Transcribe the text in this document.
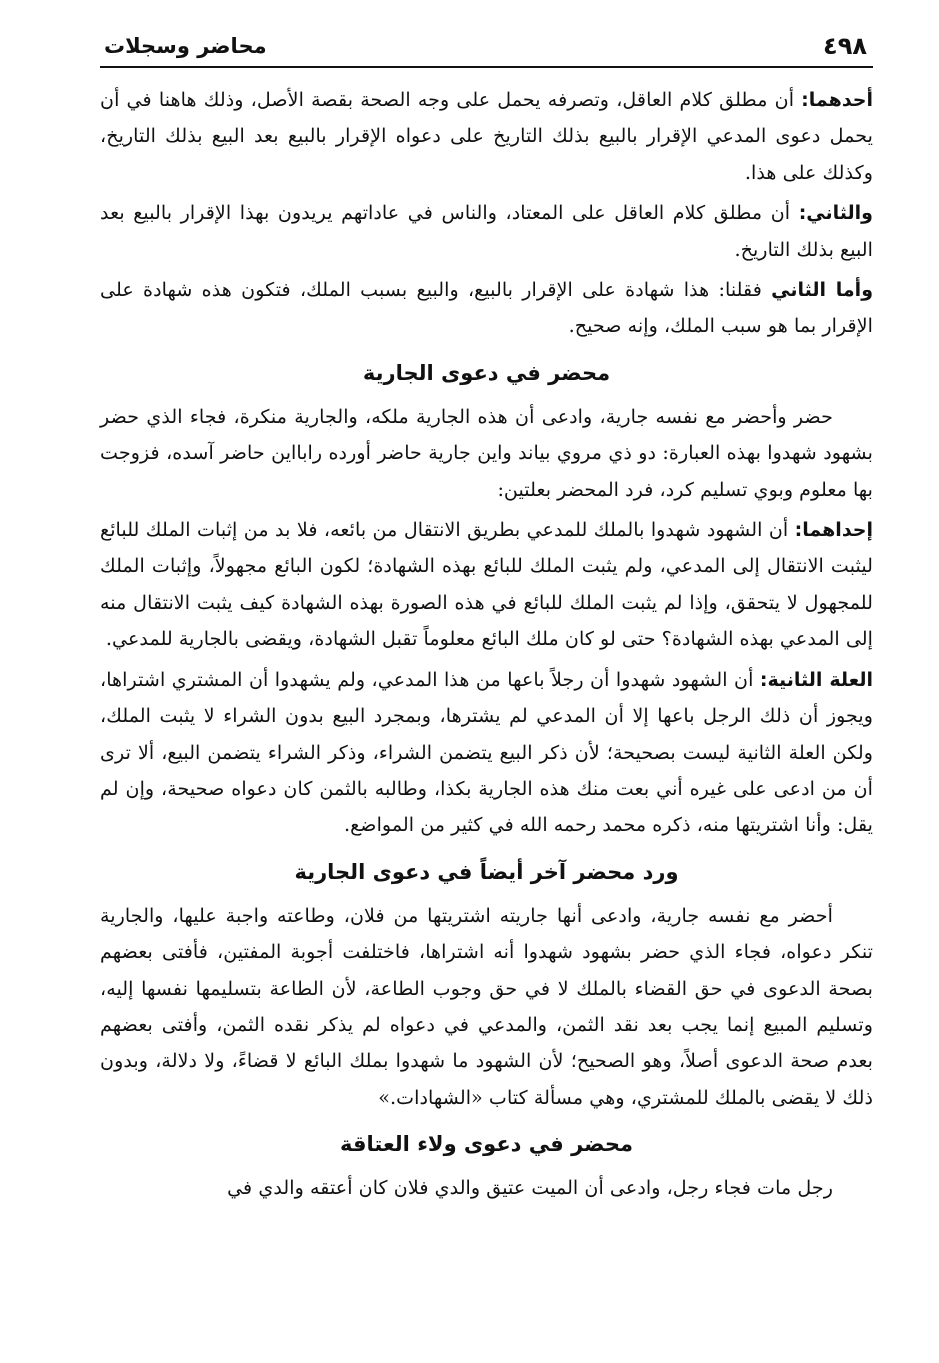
٤٩٨
محاضر وسجلات

أحدهما: أن مطلق كلام العاقل، وتصرفه يحمل على وجه الصحة بقصة الأصل، وذلك هاهنا في أن يحمل دعوى المدعي الإقرار بالبيع بذلك التاريخ على دعواه الإقرار بالبيع بعد البيع بذلك التاريخ، وكذلك على هذا.

والثاني: أن مطلق كلام العاقل على المعتاد، والناس في عاداتهم يريدون بهذا الإقرار بالبيع بعد البيع بذلك التاريخ.

وأما الثاني فقلنا: هذا شهادة على الإقرار بالبيع، والبيع بسبب الملك، فتكون هذه شهادة على الإقرار بما هو سبب الملك، وإنه صحيح.

محضر في دعوى الجارية

حضر وأحضر مع نفسه جارية، وادعى أن هذه الجارية ملكه، والجارية منكرة، فجاء الذي حضر بشهود شهدوا بهذه العبارة: دو ذي مروي بياند واين جارية حاضر أورده رابااين حاضر آسده، فزوجت بها معلوم وبوي تسليم كرد، فرد المحضر بعلتين:

إحداهما: أن الشهود شهدوا بالملك للمدعي بطريق الانتقال من بائعه، فلا بد من إثبات الملك للبائع ليثبت الانتقال إلى المدعي، ولم يثبت الملك للبائع بهذه الشهادة؛ لكون البائع مجهولاً، وإثبات الملك للمجهول لا يتحقق، وإذا لم يثبت الملك للبائع في هذه الصورة بهذه الشهادة كيف يثبت الانتقال منه إلى المدعي بهذه الشهادة؟ حتى لو كان ملك البائع معلوماً تقبل الشهادة، ويقضى بالجارية للمدعي.

العلة الثانية: أن الشهود شهدوا أن رجلاً باعها من هذا المدعي، ولم يشهدوا أن المشتري اشتراها، ويجوز أن ذلك الرجل باعها إلا أن المدعي لم يشترها، وبمجرد البيع بدون الشراء لا يثبت الملك، ولكن العلة الثانية ليست بصحيحة؛ لأن ذكر البيع يتضمن الشراء، وذكر الشراء يتضمن البيع، ألا ترى أن من ادعى على غيره أني بعت منك هذه الجارية بكذا، وطالبه بالثمن كان دعواه صحيحة، وإن لم يقل: وأنا اشتريتها منه، ذكره محمد رحمه الله في كثير من المواضع.

ورد محضر آخر أيضاً في دعوى الجارية

أحضر مع نفسه جارية، وادعى أنها جاريته اشتريتها من فلان، وطاعته واجبة عليها، والجارية تنكر دعواه، فجاء الذي حضر بشهود شهدوا أنه اشتراها، فاختلفت أجوبة المفتين، فأفتى بعضهم بصحة الدعوى في حق القضاء بالملك لا في حق وجوب الطاعة، لأن الطاعة بتسليمها نفسها إليه، وتسليم المبيع إنما يجب بعد نقد الثمن، والمدعي في دعواه لم يذكر نقده الثمن، وأفتى بعضهم بعدم صحة الدعوى أصلاً، وهو الصحيح؛ لأن الشهود ما شهدوا بملك البائع لا قضاءً، ولا دلالة، وبدون ذلك لا يقضى بالملك للمشتري، وهي مسألة كتاب «الشهادات.»

محضر في دعوى ولاء العتاقة

رجل مات فجاء رجل، وادعى أن الميت عتيق والدي فلان كان أعتقه والدي في
